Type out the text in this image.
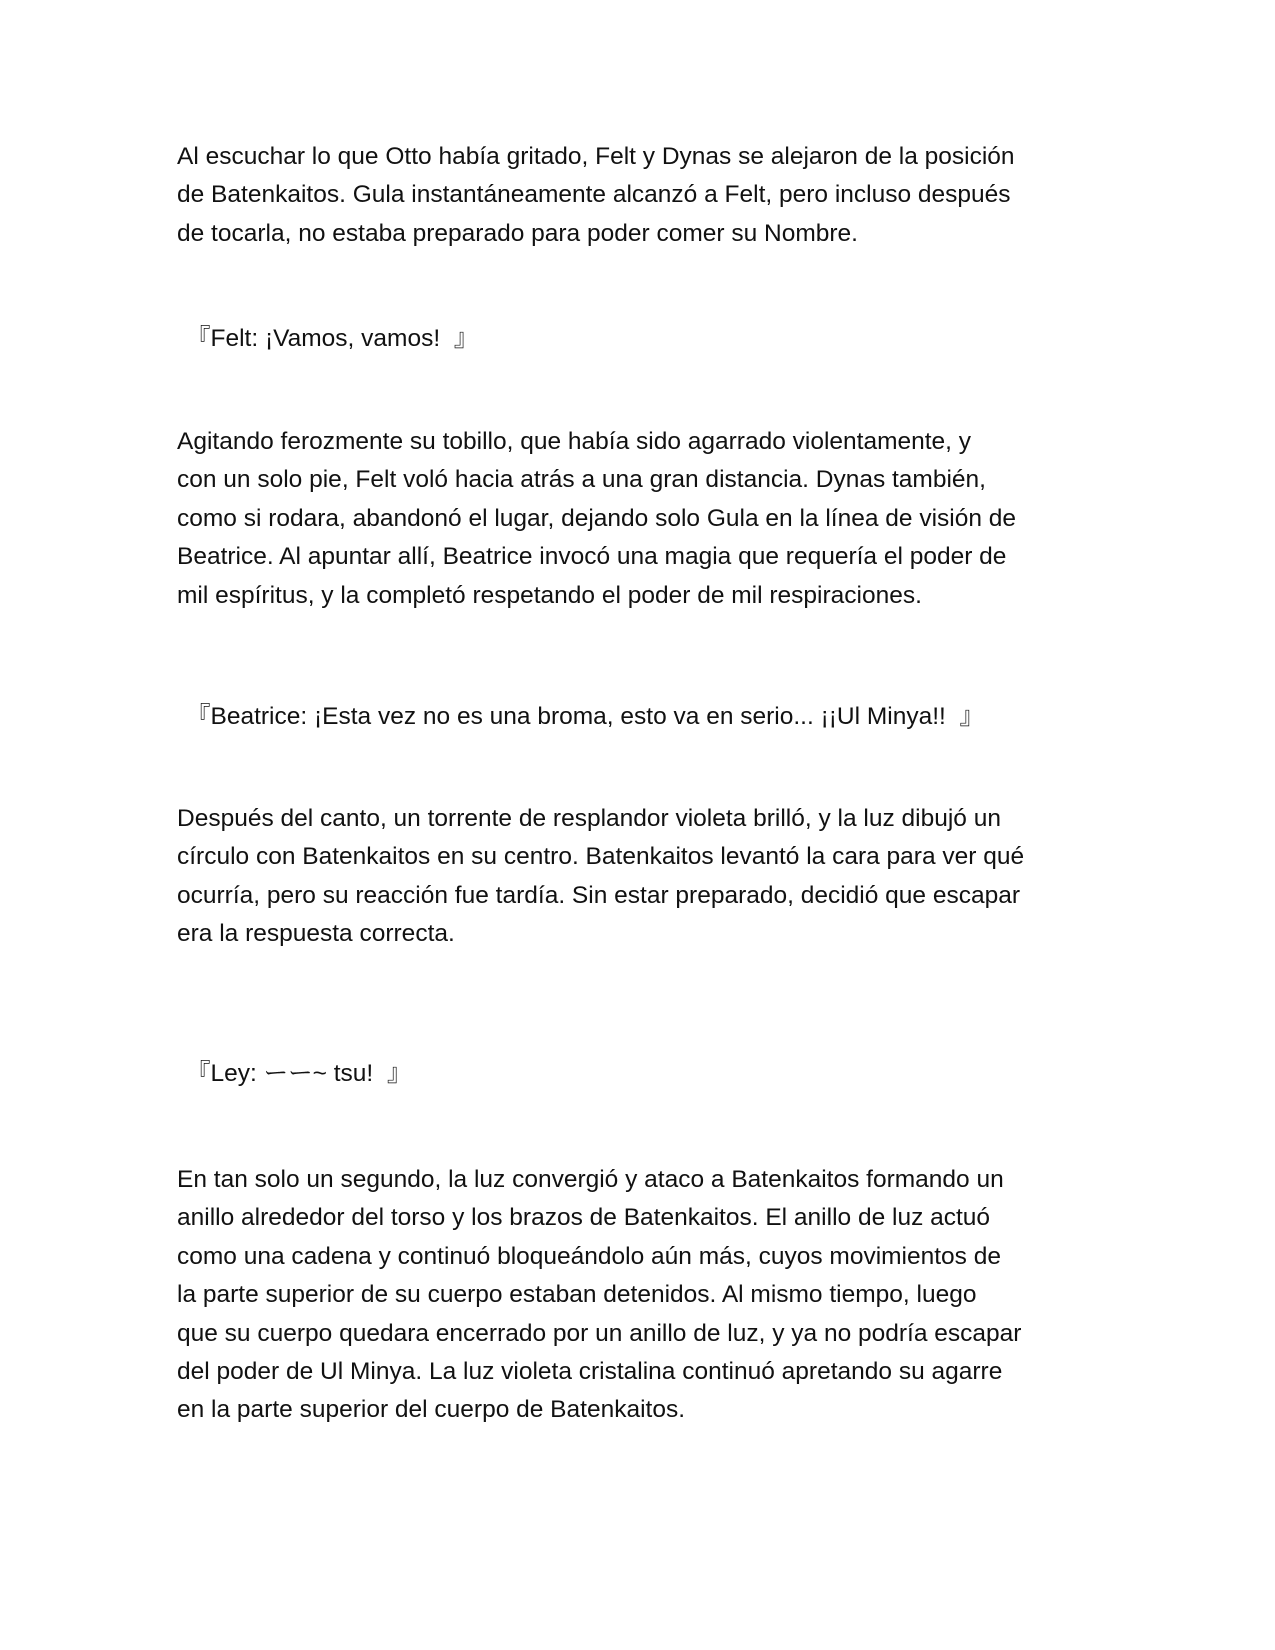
Al escuchar lo que Otto había gritado, Felt y Dynas se alejaron de la posición
de Batenkaitos. Gula instantáneamente alcanzó a Felt, pero incluso después
de tocarla, no estaba preparado para poder comer su Nombre.

『Felt: ¡Vamos, vamos! 』

Agitando ferozmente su tobillo, que había sido agarrado violentamente, y
con un solo pie, Felt voló hacia atrás a una gran distancia. Dynas también,
como si rodara, abandonó el lugar, dejando solo Gula en la línea de visión de
Beatrice. Al apuntar allí, Beatrice invocó una magia que requería el poder de
mil espíritus, y la completó respetando el poder de mil respiraciones.

『Beatrice: ¡Esta vez no es una broma, esto va en serio... ¡¡Ul Minya!! 』

Después del canto, un torrente de resplandor violeta brilló, y la luz dibujó un
círculo con Batenkaitos en su centro. Batenkaitos levantó la cara para ver qué
ocurría, pero su reacción fue tardía. Sin estar preparado, decidió que escapar
era la respuesta correcta.

『Ley: ーー~ tsu! 』

En tan solo un segundo, la luz convergió y ataco a Batenkaitos formando un
anillo alrededor del torso y los brazos de Batenkaitos. El anillo de luz actuó
como una cadena y continuó bloqueándolo aún más, cuyos movimientos de
la parte superior de su cuerpo estaban detenidos. Al mismo tiempo, luego
que su cuerpo quedara encerrado por un anillo de luz, y ya no podría escapar
del poder de Ul Minya. La luz violeta cristalina continuó apretando su agarre
en la parte superior del cuerpo de Batenkaitos.
